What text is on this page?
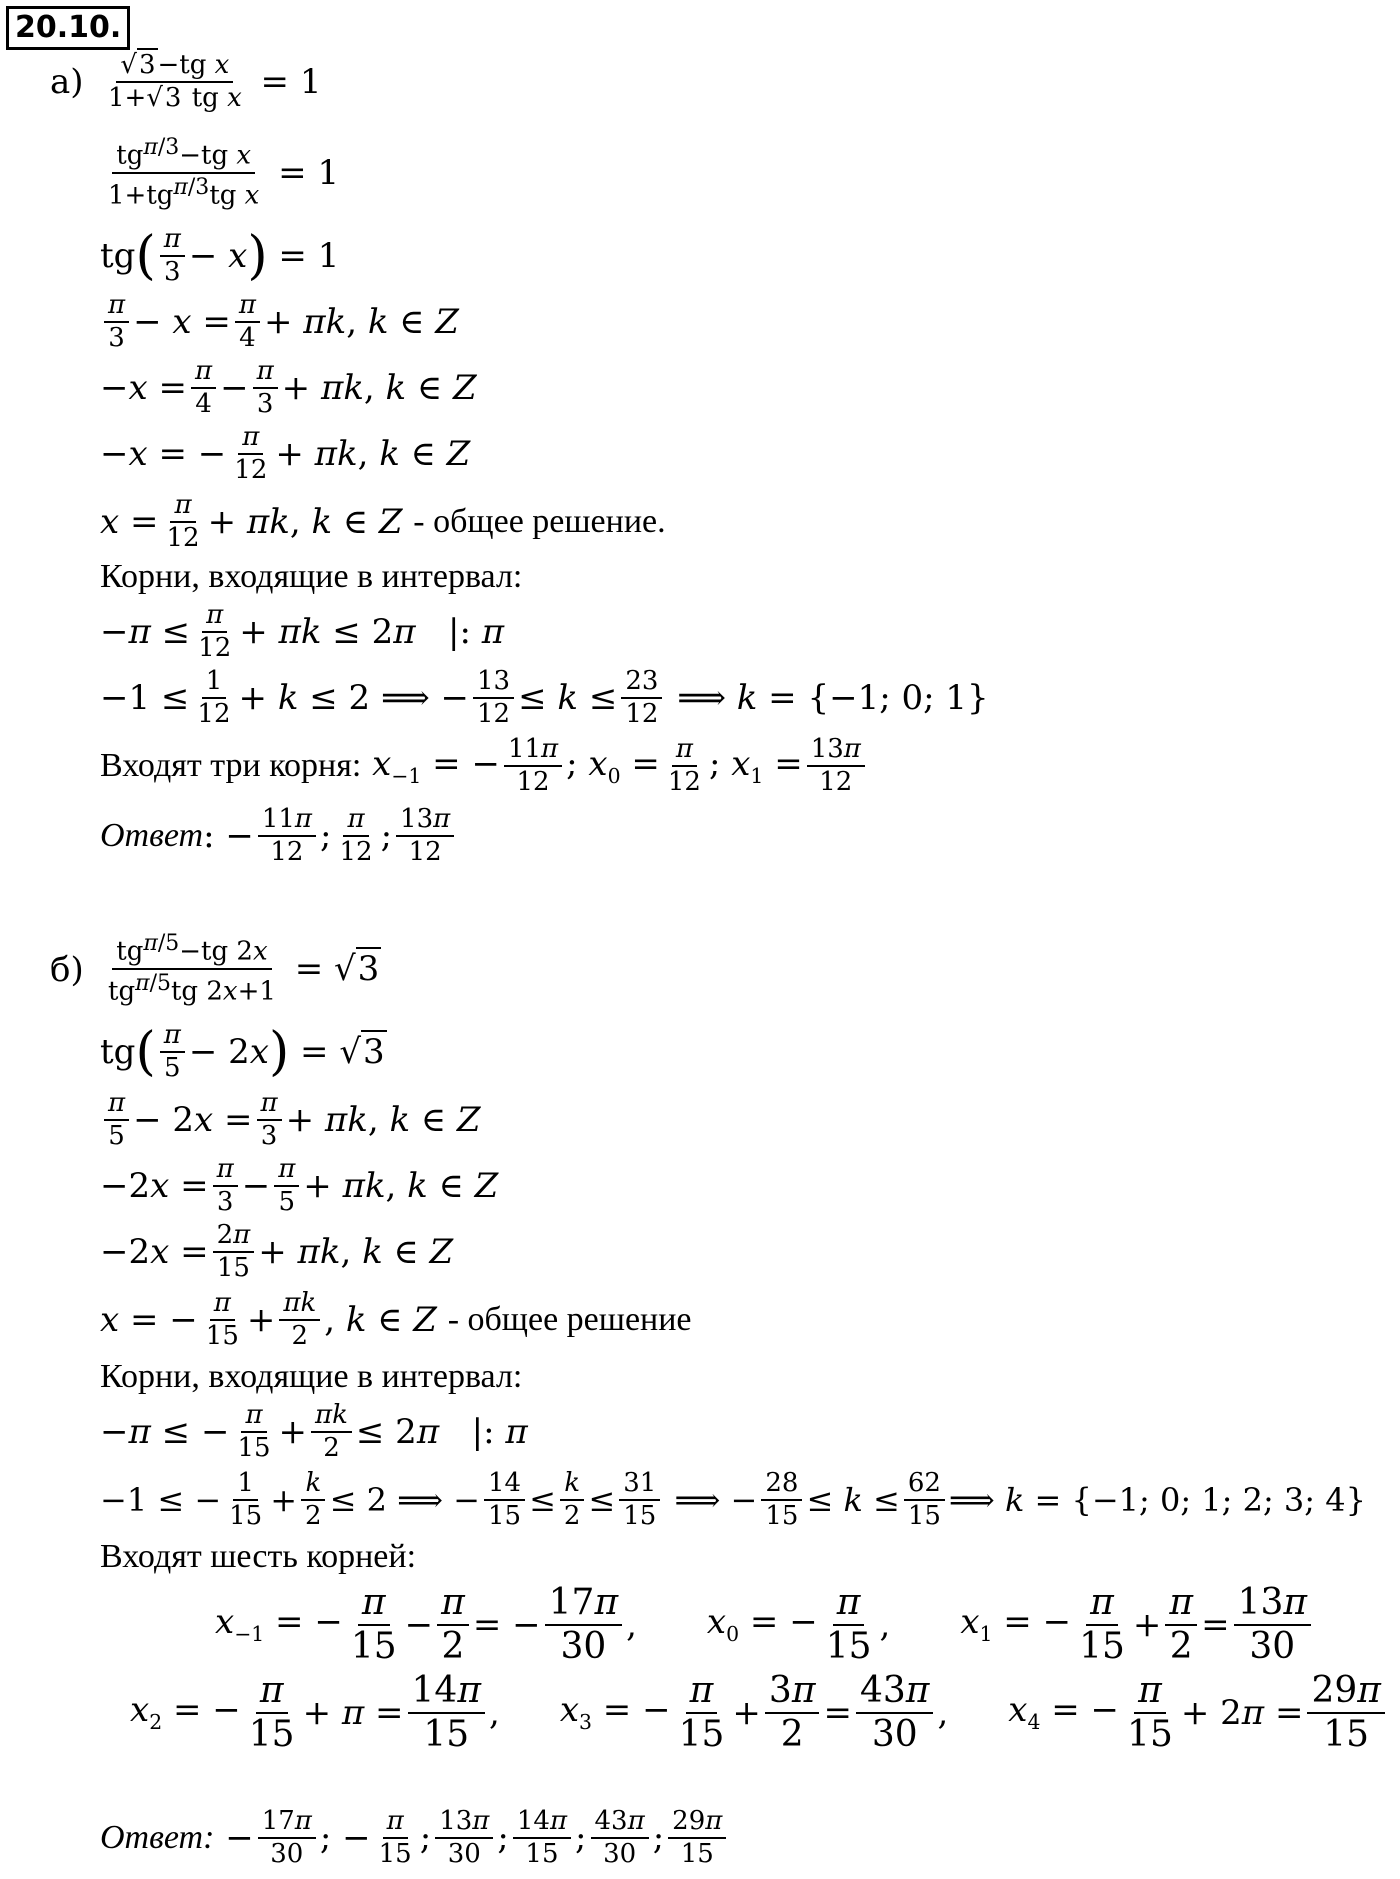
20.10.
$а) \frac{\text{√3−tg x}}{\text{1+√3 tg x}} = 1$
$\frac{tg^{\pi/3}-tg x}{1+tg^{\pi/3}tg x} = 1$
tg ( $\frac{\pi}{3} - x$ ) = 1
$\frac{\pi}{3} - x = \frac{\pi}{4} + \pi k$, k ∈ Z
$-x = \frac{\pi}{4} - \frac{\pi}{3} + \pi k$, k ∈ Z
−x = − $\frac{\pi}{12} + \pi k$, k ∈ Z
$x = \frac{\pi}{12} + \pi k$, k ∈ Z - общее решение.
Корни, входящие в интервал:
$-\pi \le \frac{\pi}{12} + \pi k \le 2\pi$   |: π
$-1 \le \frac{1}{12} + k \le 2$ ⟹ − $\frac{13}{12} \le k \le \frac{23}{12}$ ⟹ k = {−1; 0; 1}
Входят три корня: $x_{-1}$ = − $\frac{11\pi}{12}$ ; $x_0 = \frac{\pi}{12}$ ; $x_1 = \frac{13\pi}{12}$
Ответ : − $\frac{11\pi}{12}$ ; $\frac{\pi}{12}$ ; $\frac{13\pi}{12}$
$б) \frac{tg^{\pi/5}-tg 2x}{tg^{\pi/5}tg 2x+1} = √3$
tg ( $\frac{\pi}{5} - 2x$ ) = √3
$\frac{\pi}{5} - 2x = \frac{\pi}{3} + \pi k$, k ∈ Z
$-2x = \frac{\pi}{3} - \frac{\pi}{5} + \pi k$, k ∈ Z
$-2x = \frac{2\pi}{15} + \pi k$, k ∈ Z
x = − $\frac{\pi}{15} + \frac{\pi k}{2}$ , k ∈ Z - общее решение
Корни, входящие в интервал:
−π ≤ − $\frac{\pi}{15} + \frac{\pi k}{2} \le 2\pi$   |: π
−1 ≤ − $\frac{1}{15} + \frac{k}{2} \le 2$ ⟹ − $\frac{14}{15} \le \frac{k}{2} \le \frac{31}{15}$ ⟹ − $\frac{28}{15} \le k \le \frac{62}{15}$ ⟹ k = {−1; 0; 1; 2; 3; 4}
Входят шесть корней:
$x_{-1}$ = − $\frac{\pi}{15} - \frac{\pi}{2}$ = − $\frac{17\pi}{30}$ , $x_0$ = − $\frac{\pi}{15}$ , $x_1$ = − $\frac{\pi}{15} + \frac{\pi}{2} = \frac{13\pi}{30}$
$x_2$ = − $\frac{\pi}{15} + \pi = \frac{14\pi}{15}$ , $x_3$ = − $\frac{\pi}{15} + \frac{3\pi}{2} = \frac{43\pi}{30}$ , $x_4$ = − $\frac{\pi}{15} + 2\pi = \frac{29\pi}{15}$
Ответ: − $\frac{17\pi}{30}$ ; − $\frac{\pi}{15}$ ; $\frac{13\pi}{30}$ ; $\frac{14\pi}{15}$ ; $\frac{43\pi}{30}$ ; $\frac{29\pi}{15}$
